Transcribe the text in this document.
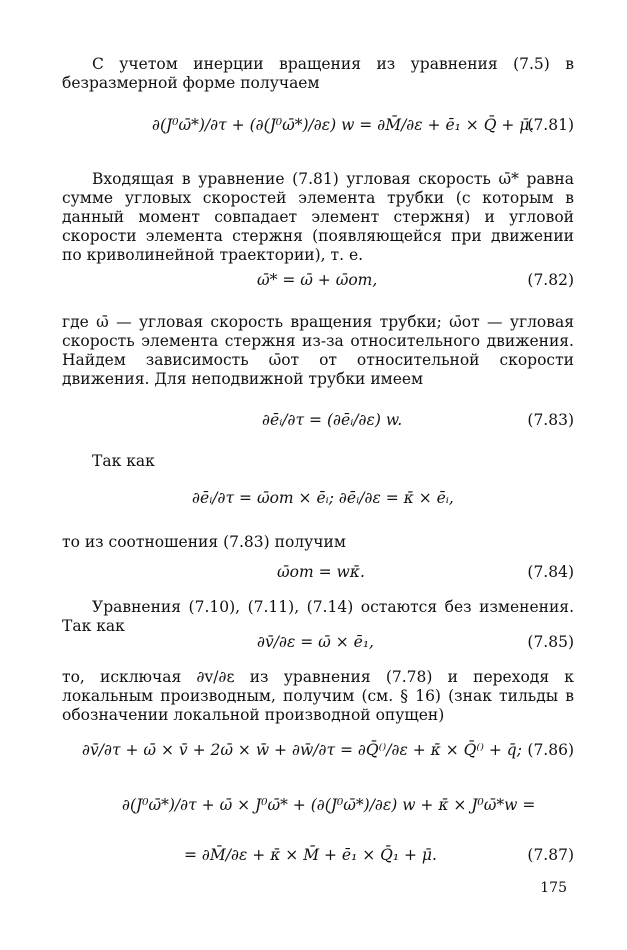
С учетом инерции вращения из уравнения (7.5) в безразмерной форме получаем

∂(J⁰ω̄*)/∂τ + (∂(J⁰ω̄*)/∂ε) w = ∂M̄/∂ε + ē₁ × Q̄ + μ̄.
(7.81)

Входящая в уравнение (7.81) угловая скорость ω̄* равна сумме угловых скоростей элемента трубки (с которым в данный момент совпадает элемент стержня) и угловой скорости элемента стержня (появляющейся при движении по криволинейной траектории), т. е.

ω̄* = ω̄ + ω̄от,	(7.82)

где ω̄ — угловая скорость вращения трубки; ω̄от — угловая скорость элемента стержня из-за относительного движения. Найдем зависимость ω̄от от относительной скорости движения. Для неподвижной трубки имеем

∂ēᵢ/∂τ = (∂ēᵢ/∂ε) w.	(7.83)

Так как

∂ēᵢ/∂τ = ω̄от × ēᵢ; ∂ēᵢ/∂ε = κ̄ × ēᵢ,

то из соотношения (7.83) получим

ω̄от = wκ̄.	(7.84)

Уравнения (7.10), (7.11), (7.14) остаются без изменения. Так как

∂v̄/∂ε = ω̄ × ē₁,	(7.85)

то, исключая ∂v/∂ε из уравнения (7.78) и переходя к локальным производным, получим (см. § 16) (знак тильды в обозначении локальной производной опущен)

∂v̄/∂τ + ω̄ × v̄ + 2ω̄ × w̄ + ∂w̄/∂τ = ∂Q̄⁽⁾/∂ε + κ̄ × Q̄⁽⁾ + q̄; (7.86)
∂(J⁰ω̄*)/∂τ + ω̄ × J⁰ω̄* + (∂(J⁰ω̄*)/∂ε) w + κ̄ × J⁰ω̄*w =
= ∂M̄/∂ε + κ̄ × M̄ + ē₁ × Q̄₁ + μ̄.	(7.87)
175
